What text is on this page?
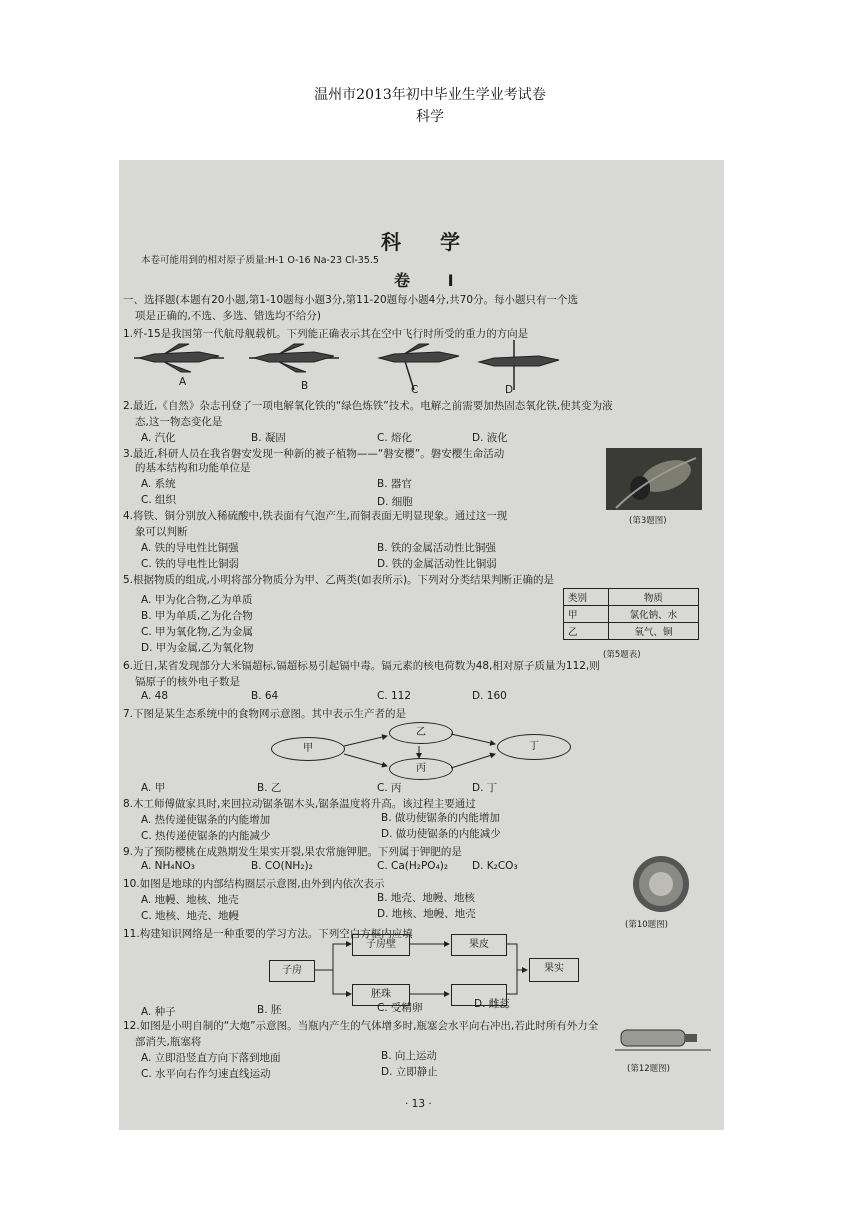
温州市2013年初中毕业生学业考试卷
科学
科 学
本卷可能用到的相对原子质量:H-1 O-16 Na-23 Cl-35.5
卷 Ⅰ
一、选择题(本题有20小题,第1-10题每小题3分,第11-20题每小题4分,共70分。每小题只有一个选
项是正确的,不选、多选、错选均不给分)
1.歼-15是我国第一代航母舰载机。下列能正确表示其在空中飞行时所受的重力的方向是
A	B	C	D
2.最近,《自然》杂志刊登了一项电解氧化铁的“绿色炼铁”技术。电解之前需要加热固态氧化铁,使其变为液
态,这一物态变化是
A. 汽化	B. 凝固	C. 熔化	D. 液化
3.最近,科研人员在我省磐安发现一种新的被子植物——“磐安樱”。磐安樱生命活动
的基本结构和功能单位是
A. 系统	B. 器官
C. 组织	D. 细胞
(第3题图)
4.将铁、铜分别放入稀硫酸中,铁表面有气泡产生,而铜表面无明显现象。通过这一现
象可以判断
A. 铁的导电性比铜强	B. 铁的金属活动性比铜强
C. 铁的导电性比铜弱	D. 铁的金属活动性比铜弱
5.根据物质的组成,小明将部分物质分为甲、乙两类(如表所示)。下列对分类结果判断正确的是
A. 甲为化合物,乙为单质
B. 甲为单质,乙为化合物
C. 甲为氧化物,乙为金属
D. 甲为金属,乙为氧化物
类别	物质
甲	氯化钠、水
乙	氧气、铜
(第5题表)
6.近日,某省发现部分大米镉超标,镉超标易引起镉中毒。镉元素的核电荷数为48,相对原子质量为112,则
镉原子的核外电子数是
A. 48	B. 64	C. 112	D. 160
7.下图是某生态系统中的食物网示意图。其中表示生产者的是
甲
乙
丙
丁
A. 甲	B. 乙	C. 丙	D. 丁
8.木工师傅做家具时,来回拉动锯条锯木头,锯条温度将升高。该过程主要通过
A. 热传递使锯条的内能增加	B. 做功使锯条的内能增加
C. 热传递使锯条的内能减少	D. 做功使锯条的内能减少
9.为了预防樱桃在成熟期发生果实开裂,果农常施钾肥。下列属于钾肥的是
A. NH₄NO₃	B. CO(NH₂)₂	C. Ca(H₂PO₄)₂ D. K₂CO₃
10.如图是地球的内部结构圈层示意图,由外到内依次表示
A. 地幔、地核、地壳	B. 地壳、地幔、地核
C. 地核、地壳、地幔	D. 地核、地幔、地壳
(第10题图)
11.构建知识网络是一种重要的学习方法。下列空白方框内应填
子房
子房壁
胚珠
果皮
果实
A. 种子	B. 胚	C. 受精卵	D. 雌蕊
12.如图是小明自制的“大炮”示意图。当瓶内产生的气体增多时,瓶塞会水平向右冲出,若此时所有外力全
部消失,瓶塞将
A. 立即沿竖直方向下落到地面	B. 向上运动
C. 水平向右作匀速直线运动	D. 立即静止	(第12题图)
· 13 ·
